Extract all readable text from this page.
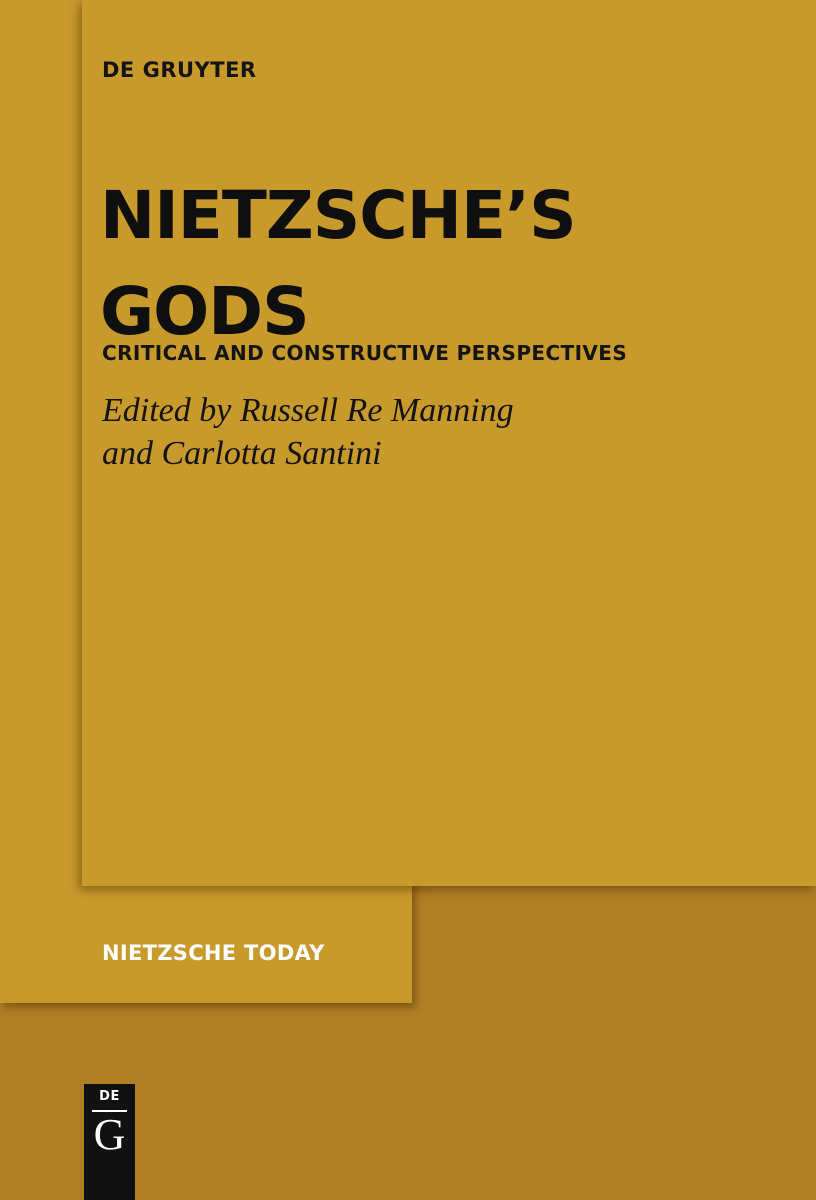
DE GRUYTER
NIETZSCHE’S
GODS
CRITICAL AND CONSTRUCTIVE PERSPECTIVES
Edited by Russell Re Manning
and Carlotta Santini
NIETZSCHE TODAY
DE
G
